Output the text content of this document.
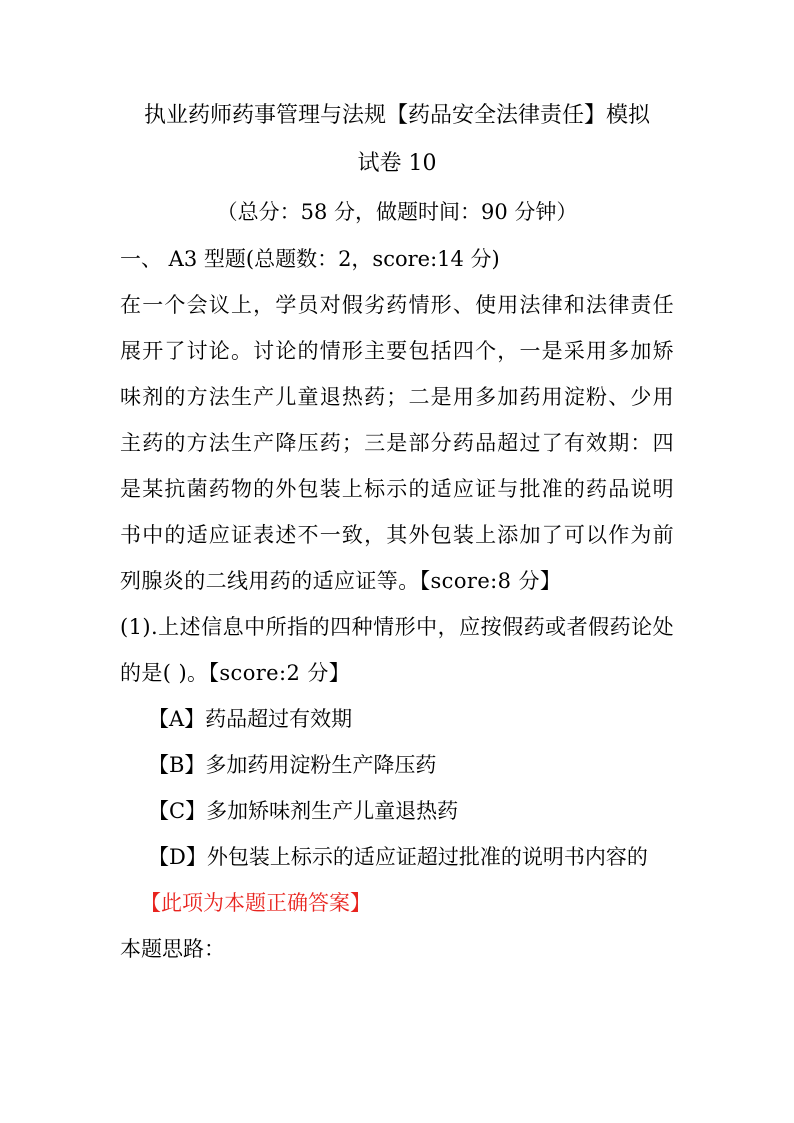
执业药师药事管理与法规【药品安全法律责任】模拟
试卷 10

（总分：58 分，做题时间：90 分钟）

一、 A3 型题(总题数：2，score:14 分)

在一个会议上，学员对假劣药情形、使用法律和法律责任展开了讨论。讨论的情形主要包括四个，一是采用多加矫味剂的方法生产儿童退热药；二是用多加药用淀粉、少用主药的方法生产降压药；三是部分药品超过了有效期：四是某抗菌药物的外包装上标示的适应证与批准的药品说明书中的适应证表述不一致，其外包装上添加了可以作为前列腺炎的二线用药的适应证等。【score:8 分】

(1).上述信息中所指的四种情形中，应按假药或者假药论处的是( )。【score:2 分】

【A】药品超过有效期

【B】多加药用淀粉生产降压药

【C】多加矫味剂生产儿童退热药

【D】外包装上标示的适应证超过批准的说明书内容的【此项为本题正确答案】

本题思路：
